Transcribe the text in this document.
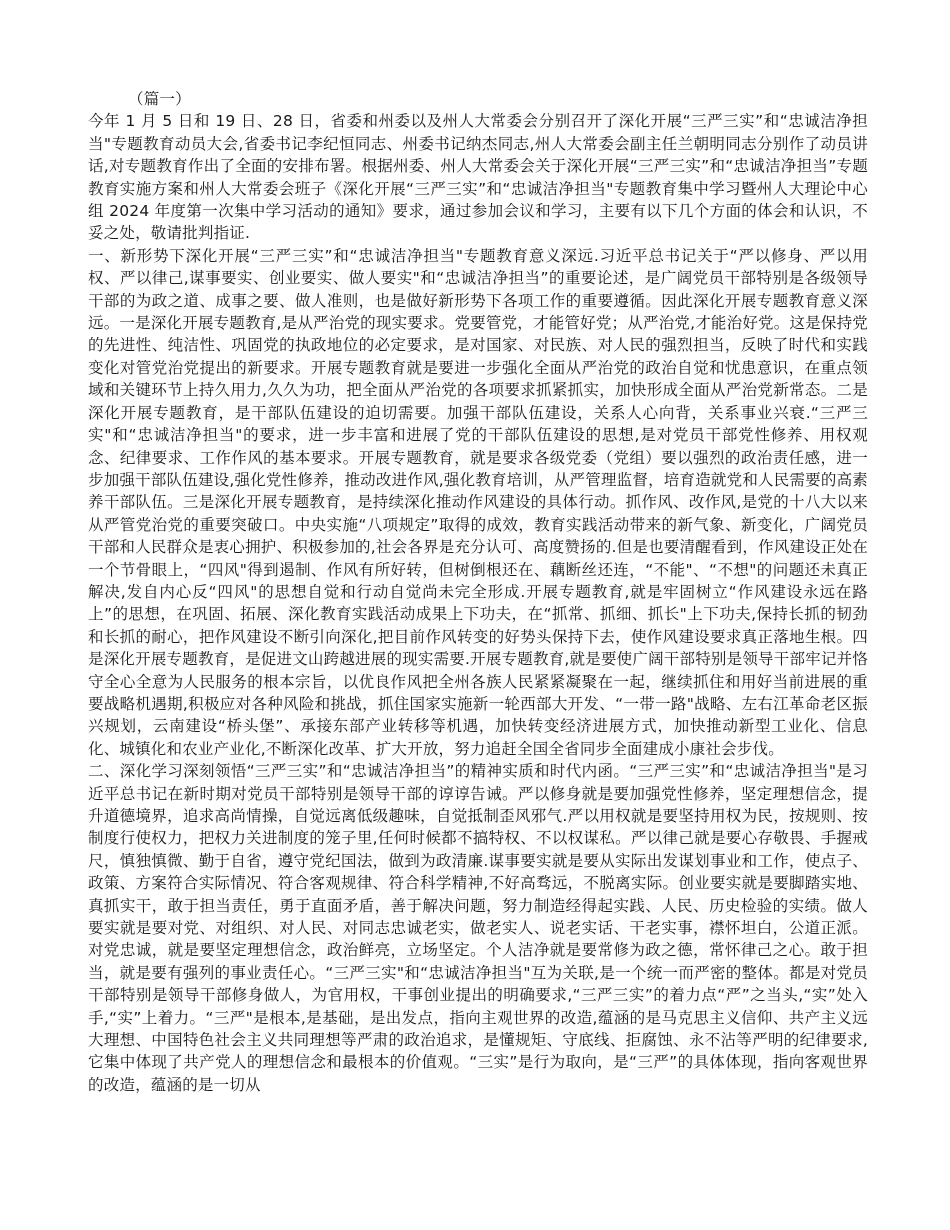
（篇一）

今年 1 月 5 日和 19 日、28 日，省委和州委以及州人大常委会分别召开了深化开展“三严三实”和“忠诚洁净担当"专题教育动员大会,省委书记李纪恒同志、州委书记纳杰同志,州人大常委会副主任兰朝明同志分别作了动员讲话,对专题教育作出了全面的安排布署。根据州委、州人大常委会关于深化开展“三严三实”和“忠诚洁净担当”专题教育实施方案和州人大常委会班子《深化开展“三严三实”和“忠诚洁净担当"专题教育集中学习暨州人大理论中心组 2024 年度第一次集中学习活动的通知》要求，通过参加会议和学习，主要有以下几个方面的体会和认识，不妥之处，敬请批判指证.

一、新形势下深化开展“三严三实”和“忠诚洁净担当"专题教育意义深远.习近平总书记关于“严以修身、严以用权、严以律己,谋事要实、创业要实、做人要实"和“忠诚洁净担当”的重要论述，是广阔党员干部特别是各级领导干部的为政之道、成事之要、做人准则，也是做好新形势下各项工作的重要遵循。因此深化开展专题教育意义深远。一是深化开展专题教育,是从严治党的现实要求。党要管党，才能管好党；从严治党,才能治好党。这是保持党的先进性、纯洁性、巩固党的执政地位的必定要求，是对国家、对民族、对人民的强烈担当，反映了时代和实践变化对管党治党提出的新要求。开展专题教育就是要进一步强化全面从严治党的政治自觉和忧患意识，在重点领域和关键环节上持久用力,久久为功，把全面从严治党的各项要求抓紧抓实，加快形成全面从严治党新常态。二是深化开展专题教育，是干部队伍建设的迫切需要。加强干部队伍建设，关系人心向背，关系事业兴衰.“三严三实"和“忠诚洁净担当"的要求，进一步丰富和进展了党的干部队伍建设的思想,是对党员干部党性修养、用权观念、纪律要求、工作作风的基本要求。开展专题教育，就是要求各级党委（党组）要以强烈的政治责任感，进一步加强干部队伍建设,强化党性修养，推动改进作风,强化教育培训，从严管理监督，培育造就党和人民需要的高素养干部队伍。三是深化开展专题教育，是持续深化推动作风建设的具体行动。抓作风、改作风,是党的十八大以来从严管党治党的重要突破口。中央实施“八项规定”取得的成效，教育实践活动带来的新气象、新变化，广阔党员干部和人民群众是衷心拥护、积极参加的,社会各界是充分认可、高度赞扬的.但是也要清醒看到，作风建设正处在一个节骨眼上，“四风"得到遏制、作风有所好转，但树倒根还在、藕断丝还连，“不能"、“不想"的问题还未真正解决,发自内心反“四风"的思想自觉和行动自觉尚未完全形成.开展专题教育,就是牢固树立“作风建设永远在路上”的思想，在巩固、拓展、深化教育实践活动成果上下功夫，在“抓常、抓细、抓长"上下功夫,保持长抓的韧劲和长抓的耐心，把作风建设不断引向深化,把目前作风转变的好势头保持下去，使作风建设要求真正落地生根。四是深化开展专题教育，是促进文山跨越进展的现实需要.开展专题教育,就是要使广阔干部特别是领导干部牢记并恪守全心全意为人民服务的根本宗旨，以优良作风把全州各族人民紧紧凝聚在一起，继续抓住和用好当前进展的重要战略机遇期,积极应对各种风险和挑战，抓住国家实施新一轮西部大开发、“一带一路"战略、左右江革命老区振兴规划，云南建设“桥头堡”、承接东部产业转移等机遇，加快转变经济进展方式，加快推动新型工业化、信息化、城镇化和农业产业化,不断深化改革、扩大开放，努力追赶全国全省同步全面建成小康社会步伐。

二、深化学习深刻领悟“三严三实”和“忠诚洁净担当”的精神实质和时代内函。“三严三实”和“忠诚洁净担当"是习近平总书记在新时期对党员干部特别是领导干部的谆谆告诫。严以修身就是要加强党性修养，坚定理想信念，提升道德境界，追求高尚情操，自觉远离低级趣味，自觉抵制歪风邪气.严以用权就是要坚持用权为民，按规则、按制度行使权力，把权力关进制度的笼子里,任何时候都不搞特权、不以权谋私。严以律己就是要心存敬畏、手握戒尺，慎独慎微、勤于自省，遵守党纪国法，做到为政清廉.谋事要实就是要从实际出发谋划事业和工作，使点子、政策、方案符合实际情况、符合客观规律、符合科学精神,不好高骛远，不脱离实际。创业要实就是要脚踏实地、真抓实干，敢于担当责任，勇于直面矛盾，善于解决问题，努力制造经得起实践、人民、历史检验的实绩。做人要实就是要对党、对组织、对人民、对同志忠诚老实，做老实人、说老实话、干老实事，襟怀坦白，公道正派。对党忠诚，就是要坚定理想信念，政治鲜亮，立场坚定。个人洁净就是要常修为政之德，常怀律己之心。敢于担当，就是要有强列的事业责任心。“三严三实"和“忠诚洁净担当"互为关联,是一个统一而严密的整体。都是对党员干部特别是领导干部修身做人，为官用权，干事创业提出的明确要求,“三严三实”的着力点“严”之当头,“实”处入手,“实”上着力。“三严"是根本,是基础，是出发点，指向主观世界的改造,蕴涵的是马克思主义信仰、共产主义远大理想、中国特色社会主义共同理想等严肃的政治追求，是懂规矩、守底线、拒腐蚀、永不沾等严明的纪律要求,它集中体现了共产党人的理想信念和最根本的价值观。“三实”是行为取向，是“三严”的具体体现，指向客观世界的改造，蕴涵的是一切从
